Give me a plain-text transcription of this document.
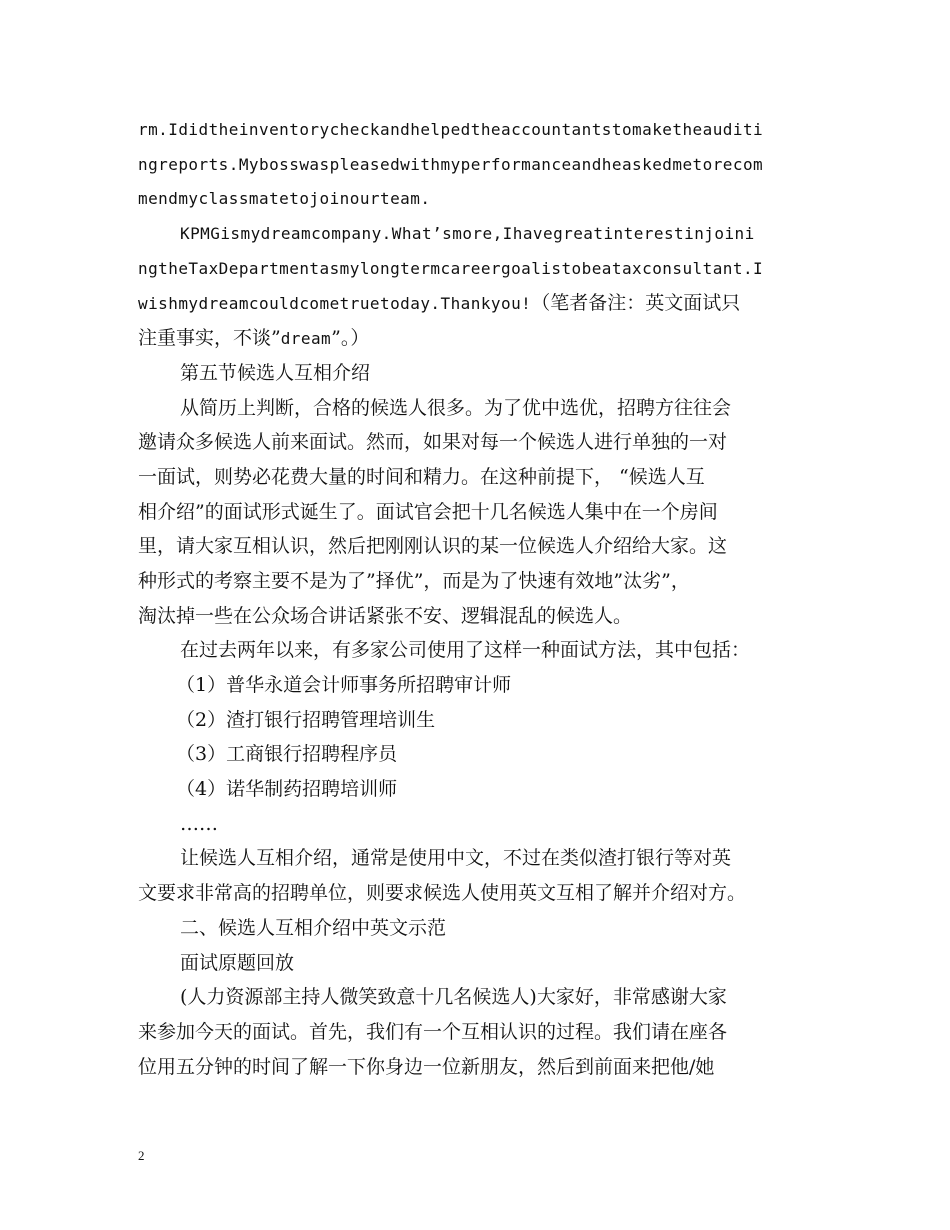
rm.Ididtheinventorycheckandhelpedtheaccountantstomaketheauditi
ngreports.Mybosswaspleasedwithmyperformanceandheaskedmetorecom
mendmyclassmatetojoinourteam.
KPMGismydreamcompany.What’smore,Ihavegreatinterestinjoini
ngtheTaxDepartmentasmylongtermcareergoalistobeataxconsultant.I
wishmydreamcouldcometruetoday.Thankyou!（笔者备注：英文面试只
注重事实，不谈”dream”。）
第五节候选人互相介绍
从简历上判断，合格的候选人很多。为了优中选优，招聘方往往会
邀请众多候选人前来面试。然而，如果对每一个候选人进行单独的一对
一面试，则势必花费大量的时间和精力。在这种前提下， “候选人互
相介绍”的面试形式诞生了。面试官会把十几名候选人集中在一个房间
里，请大家互相认识，然后把刚刚认识的某一位候选人介绍给大家。这
种形式的考察主要不是为了”择优”，而是为了快速有效地”汰劣”，
淘汰掉一些在公众场合讲话紧张不安、逻辑混乱的候选人。
在过去两年以来，有多家公司使用了这样一种面试方法，其中包括：
（1）普华永道会计师事务所招聘审计师
（2）渣打银行招聘管理培训生
（3）工商银行招聘程序员
（4）诺华制药招聘培训师
……
让候选人互相介绍，通常是使用中文，不过在类似渣打银行等对英
文要求非常高的招聘单位，则要求候选人使用英文互相了解并介绍对方。
二、候选人互相介绍中英文示范
面试原题回放
(人力资源部主持人微笑致意十几名候选人)大家好，非常感谢大家
来参加今天的面试。首先，我们有一个互相认识的过程。我们请在座各
位用五分钟的时间了解一下你身边一位新朋友，然后到前面来把他/她
2
